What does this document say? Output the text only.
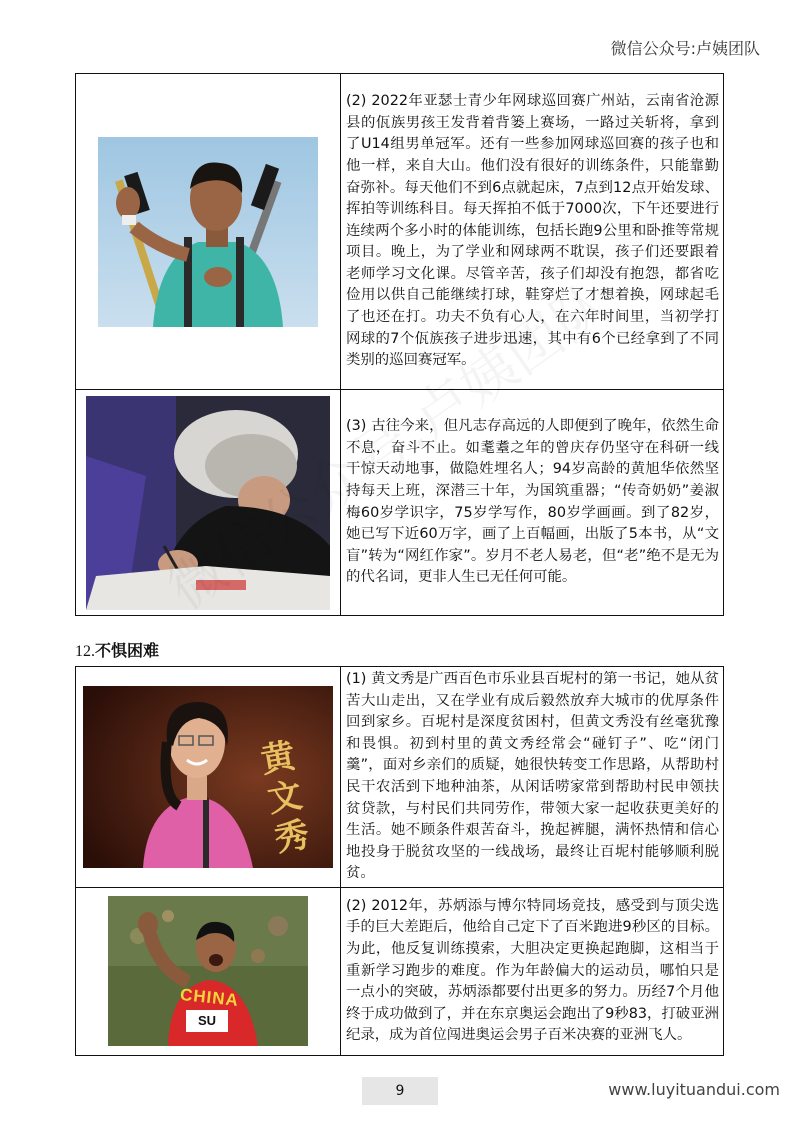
微信公众号:卢姨团队
	(2) 2022年亚瑟士青少年网球巡回赛广州站，云南省沧源县的佤族男孩王发背着背篓上赛场，一路过关斩将，拿到了U14组男单冠军。还有一些参加网球巡回赛的孩子也和他一样，来自大山。他们没有很好的训练条件，只能靠勤奋弥补。每天他们不到6点就起床，7点到12点开始发球、挥拍等训练科目。每天挥拍不低于7000次，下午还要进行连续两个多小时的体能训练，包括长跑9公里和卧推等常规项目。晚上，为了学业和网球两不耽误，孩子们还要跟着老师学习文化课。尽管辛苦，孩子们却没有抱怨，都省吃俭用以供自己能继续打球，鞋穿烂了才想着换，网球起毛了也还在打。功夫不负有心人，在六年时间里，当初学打网球的7个佤族孩子进步迅速，其中有6个已经拿到了不同类别的巡回赛冠军。

	(3) 古往今来，但凡志存高远的人即便到了晚年，依然生命不息，奋斗不止。如耄耋之年的曾庆存仍坚守在科研一线干惊天动地事，做隐姓埋名人；94岁高龄的黄旭华依然坚持每天上班，深潜三十年，为国筑重器；“传奇奶奶”姜淑梅60岁学识字，75岁学写作，80岁学画画。到了82岁，她已写下近60万字，画了上百幅画，出版了5本书，从“文盲”转为“网红作家”。岁月不老人易老，但“老”绝不是无为的代名词，更非人生已无任何可能。
12.不惧困难
黄文秀	(1) 黄文秀是广西百色市乐业县百坭村的第一书记，她从贫苦大山走出，又在学业有成后毅然放弃大城市的优厚条件回到家乡。百坭村是深度贫困村，但黄文秀没有丝毫犹豫和畏惧。初到村里的黄文秀经常会“碰钉子”、吃“闭门羹”，面对乡亲们的质疑，她很快转变工作思路，从帮助村民干农活到下地种油茶，从闲话唠家常到帮助村民申领扶贫贷款，与村民们共同劳作，带领大家一起收获更美好的生活。她不顾条件艰苦奋斗，挽起裤腿，满怀热情和信心地投身于脱贫攻坚的一线战场，最终让百坭村能够顺利脱贫。

CHINA
SU	(2) 2012年，苏炳添与博尔特同场竞技，感受到与顶尖选手的巨大差距后，他给自己定下了百米跑进9秒区的目标。为此，他反复训练摸索，大胆决定更换起跑脚，这相当于重新学习跑步的难度。作为年龄偏大的运动员，哪怕只是一点小的突破，苏炳添都要付出更多的努力。历经7个月他终于成功做到了，并在东京奥运会跑出了9秒83，打破亚洲纪录，成为首位闯进奥运会男子百米决赛的亚洲飞人。
9	www.luyituandui.com
